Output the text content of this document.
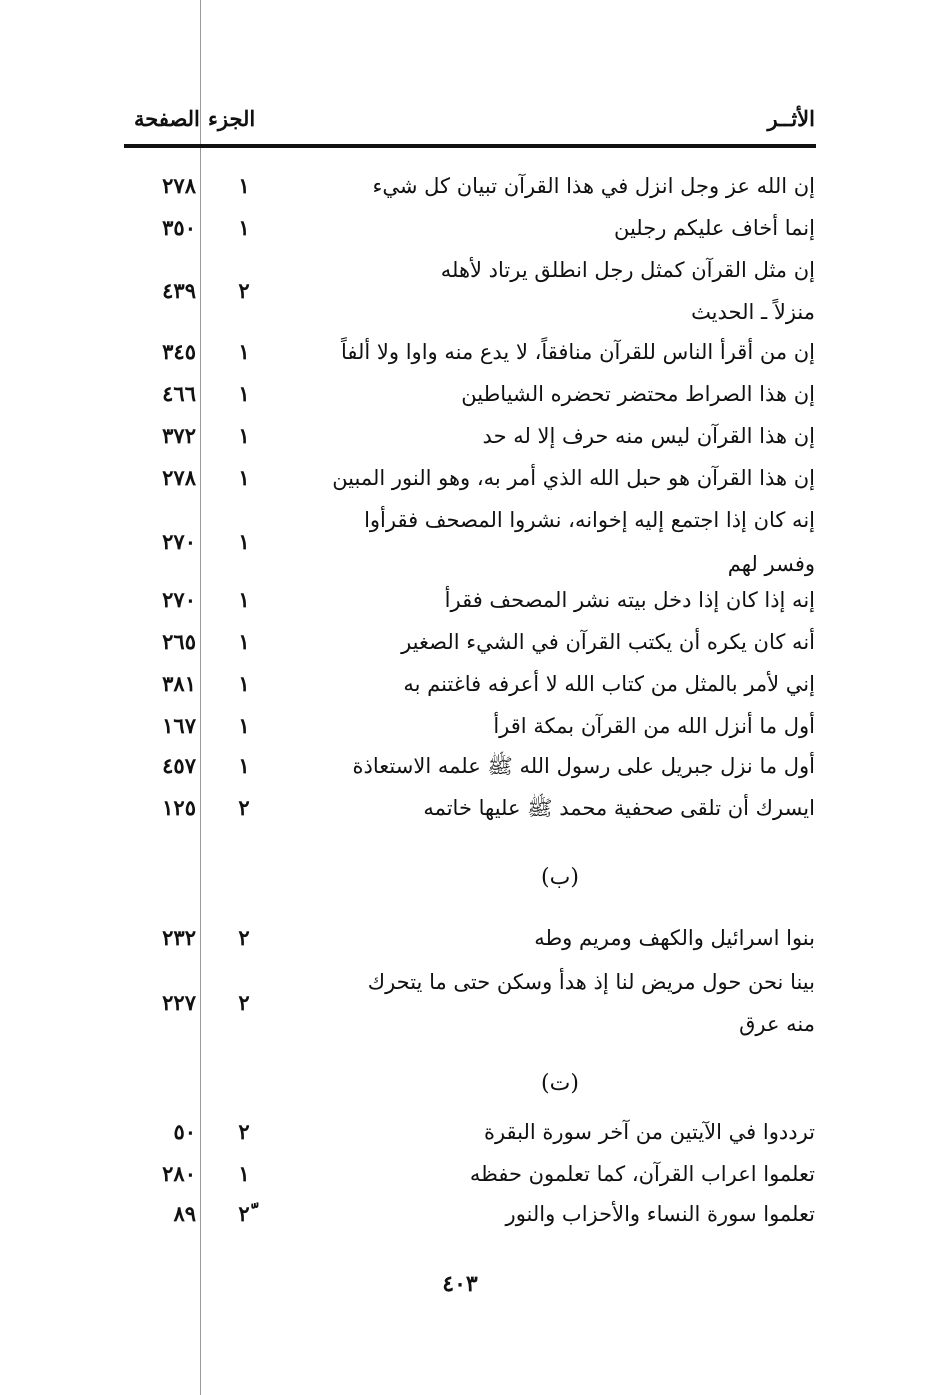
الأثــر
الجزء
الصفحة
إن الله عز وجل انزل في هذا القرآن تبيان كل شيء
١
٢٧٨
إنما أخاف عليكم رجلين
١
٣٥٠
إن مثل القرآن كمثل رجل انطلق يرتاد لأهله
منزلاً ـ الحديث
٢
٤٣٩
إن من أقرأ الناس للقرآن منافقاً، لا يدع منه واوا ولا ألفاً
١
٣٤٥
إن هذا الصراط محتضر تحضره الشياطين
١
٤٦٦
إن هذا القرآن ليس منه حرف إلا له حد
١
٣٧٢
إن هذا القرآن هو حبل الله الذي أمر به، وهو النور المبين
١
٢٧٨
إنه كان إذا اجتمع إليه إخوانه، نشروا المصحف فقرأوا
وفسر لهم
١
٢٧٠
إنه إذا كان إذا دخل بيته نشر المصحف فقرأ
١
٢٧٠
أنه كان يكره أن يكتب القرآن في الشيء الصغير
١
٢٦٥
إني لأمر بالمثل من كتاب الله لا أعرفه فاغتنم به
١
٣٨١
أول ما أنزل الله من القرآن بمكة اقرأ
١
١٦٧
أول ما نزل جبريل على رسول الله ﷺ علمه الاستعاذة
١
٤٥٧
ايسرك أن تلقى صحفية محمد ﷺ عليها خاتمه
٢
١٢٥
(ب)
بنوا اسرائيل والكهف ومريم وطه
٢
٢٣٢
بينا نحن حول مريض لنا إذ هدأ وسكن حتى ما يتحرك
منه عرق
٢
٢٢٧
(ت)
ترددوا في الآيتين من آخر سورة البقرة
٢
٥٠
تعلموا اعراب القرآن، كما تعلمون حفظه
١
٢٨٠
تعلموا سورة النساء والأحزاب والنور
٢ّ
٨٩
٤٠٣
